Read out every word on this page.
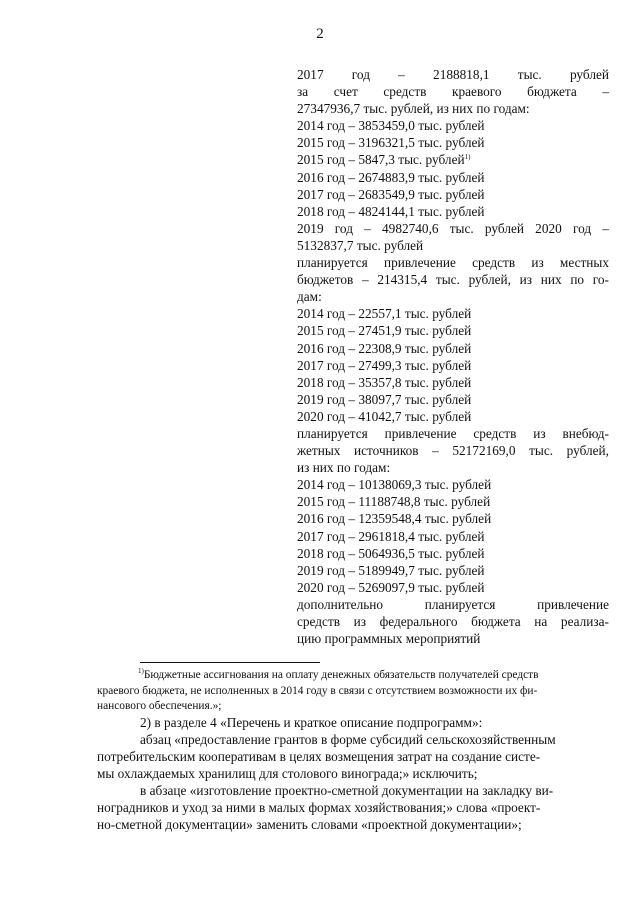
2
2017 год – 2188818,1 тыс. рублей
за счет средств краевого бюджета –
27347936,7 тыс. рублей, из них по годам:
2014 год – 3853459,0 тыс. рублей
2015 год – 3196321,5 тыс. рублей
2015 год – 5847,3 тыс. рублей$^{1)}$
2016 год – 2674883,9 тыс. рублей
2017 год – 2683549,9 тыс. рублей
2018 год – 4824144,1 тыс. рублей
2019 год – 4982740,6 тыс. рублей 2020 год –
5132837,7 тыс. рублей
планируется привлечение средств из местных
бюджетов – 214315,4 тыс. рублей, из них по го-
дам:
2014 год – 22557,1 тыс. рублей
2015 год – 27451,9 тыс. рублей
2016 год – 22308,9 тыс. рублей
2017 год – 27499,3 тыс. рублей
2018 год – 35357,8 тыс. рублей
2019 год – 38097,7 тыс. рублей
2020 год – 41042,7 тыс. рублей
планируется привлечение средств из внебюд-
жетных источников – 52172169,0 тыс. рублей,
из них по годам:
2014 год – 10138069,3 тыс. рублей
2015 год – 11188748,8 тыс. рублей
2016 год – 12359548,4 тыс. рублей
2017 год – 2961818,4 тыс. рублей
2018 год – 5064936,5 тыс. рублей
2019 год – 5189949,7 тыс. рублей
2020 год – 5269097,9 тыс. рублей
дополнительно	планируется	привлечение
средств из федерального бюджета на реализа-
цию программных мероприятий
$^{1)}$Бюджетные ассигнования на оплату денежных обязательств получателей средств
краевого бюджета, не исполненных в 2014 году в связи с отсутствием возможности их фи-
нансового обеспечения.»;
2) в разделе 4 «Перечень и краткое описание подпрограмм»:
абзац «предоставление грантов в форме субсидий сельскохозяйственным
потребительским кооперативам в целях возмещения затрат на создание систе-
мы охлаждаемых хранилищ для столового винограда;» исключить;
в абзаце «изготовление проектно-сметной документации на закладку ви-
ноградников и уход за ними в малых формах хозяйствования;» слова «проект-
но-сметной документации» заменить словами «проектной документации»;
